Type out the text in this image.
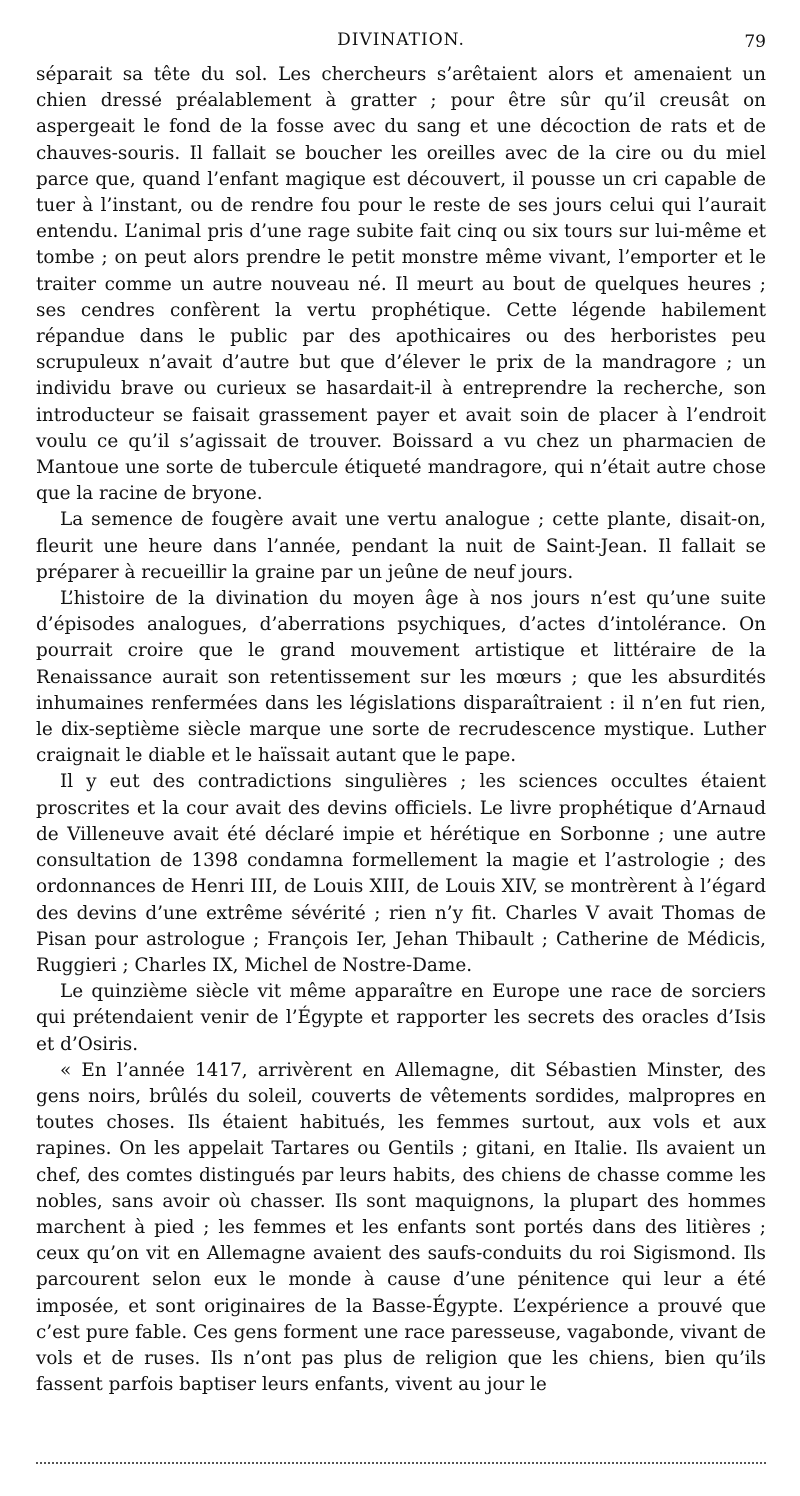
DIVINATION.	79

séparait sa tête du sol. Les chercheurs s’arêtaient alors et amenaient un chien dressé préalablement à gratter ; pour être sûr qu’il creusât on aspergeait le fond de la fosse avec du sang et une décoction de rats et de chauves-souris. Il fallait se boucher les oreilles avec de la cire ou du miel parce que, quand l’enfant magique est découvert, il pousse un cri capable de tuer à l’instant, ou de rendre fou pour le reste de ses jours celui qui l’aurait entendu. L’animal pris d’une rage subite fait cinq ou six tours sur lui-même et tombe ; on peut alors prendre le petit monstre même vivant, l’emporter et le traiter comme un autre nouveau né. Il meurt au bout de quelques heures ; ses cendres confèrent la vertu prophétique. Cette légende habilement répandue dans le public par des apothicaires ou des herboristes peu scrupuleux n’avait d’autre but que d’élever le prix de la mandragore ; un individu brave ou curieux se hasardait-il à entreprendre la recherche, son introducteur se faisait grassement payer et avait soin de placer à l’endroit voulu ce qu’il s’agissait de trouver. Boissard a vu chez un pharmacien de Mantoue une sorte de tubercule étiqueté mandragore, qui n’était autre chose que la racine de bryone.

La semence de fougère avait une vertu analogue ; cette plante, disait-on, fleurit une heure dans l’année, pendant la nuit de Saint-Jean. Il fallait se préparer à recueillir la graine par un jeûne de neuf jours.

L’histoire de la divination du moyen âge à nos jours n’est qu’une suite d’épisodes analogues, d’aberrations psychiques, d’actes d’intolérance. On pourrait croire que le grand mouvement artistique et littéraire de la Renaissance aurait son retentissement sur les mœurs ; que les absurdités inhumaines renfermées dans les législations disparaîtraient : il n’en fut rien, le dix-septième siècle marque une sorte de recrudescence mystique. Luther craignait le diable et le haïssait autant que le pape.

Il y eut des contradictions singulières ; les sciences occultes étaient proscrites et la cour avait des devins officiels. Le livre prophétique d’Arnaud de Villeneuve avait été déclaré impie et hérétique en Sorbonne ; une autre consultation de 1398 condamna formellement la magie et l’astrologie ; des ordonnances de Henri III, de Louis XIII, de Louis XIV, se montrèrent à l’égard des devins d’une extrême sévérité ; rien n’y fit. Charles V avait Thomas de Pisan pour astrologue ; François Ier, Jehan Thibault ; Catherine de Médicis, Ruggieri ; Charles IX, Michel de Nostre-Dame.

Le quinzième siècle vit même apparaître en Europe une race de sorciers qui prétendaient venir de l’Égypte et rapporter les secrets des oracles d’Isis et d’Osiris.

« En l’année 1417, arrivèrent en Allemagne, dit Sébastien Minster, des gens noirs, brûlés du soleil, couverts de vêtements sordides, malpropres en toutes choses. Ils étaient habitués, les femmes surtout, aux vols et aux rapines. On les appelait Tartares ou Gentils ; gitani, en Italie. Ils avaient un chef, des comtes distingués par leurs habits, des chiens de chasse comme les nobles, sans avoir où chasser. Ils sont maquignons, la plupart des hommes marchent à pied ; les femmes et les enfants sont portés dans des litières ; ceux qu’on vit en Allemagne avaient des saufs-conduits du roi Sigismond. Ils parcourent selon eux le monde à cause d’une pénitence qui leur a été imposée, et sont originaires de la Basse-Égypte. L’expérience a prouvé que c’est pure fable. Ces gens forment une race paresseuse, vagabonde, vivant de vols et de ruses. Ils n’ont pas plus de religion que les chiens, bien qu’ils fassent parfois baptiser leurs enfants, vivent au jour le
